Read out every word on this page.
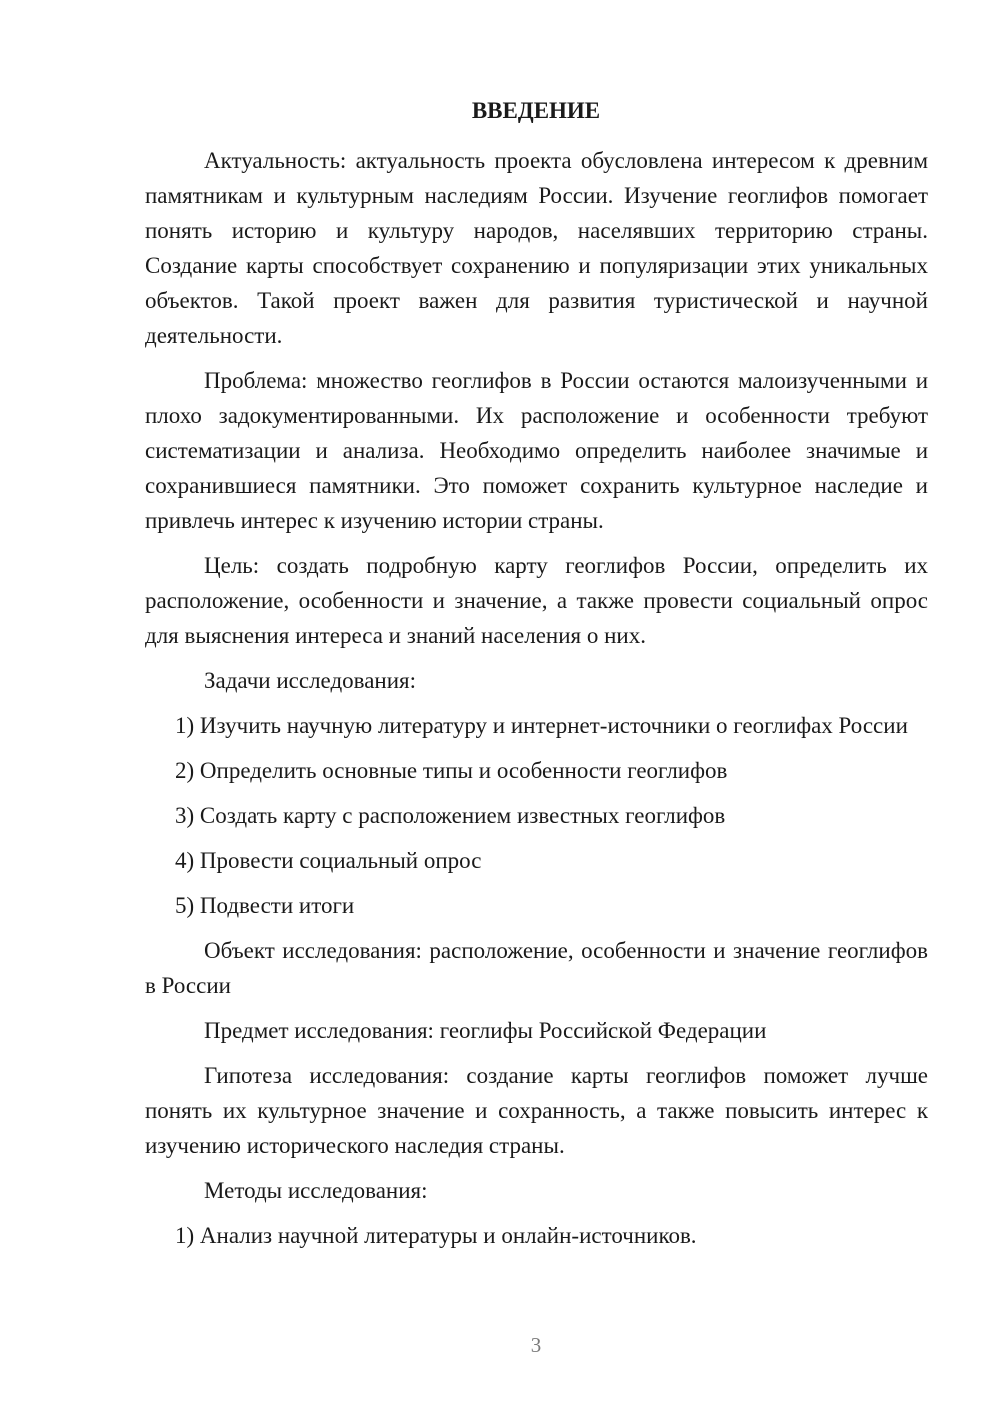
ВВЕДЕНИЕ

Актуальность: актуальность проекта обусловлена интересом к древним памятникам и культурным наследиям России. Изучение геоглифов помогает понять историю и культуру народов, населявших территорию страны. Создание карты способствует сохранению и популяризации этих уникальных объектов. Такой проект важен для развития туристической и научной деятельности.

Проблема: множество геоглифов в России остаются малоизученными и плохо задокументированными. Их расположение и особенности требуют систематизации и анализа. Необходимо определить наиболее значимые и сохранившиеся памятники. Это поможет сохранить культурное наследие и привлечь интерес к изучению истории страны.

Цель: создать подробную карту геоглифов России, определить их расположение, особенности и значение, а также провести социальный опрос для выяснения интереса и знаний населения о них.

Задачи исследования:

1) Изучить научную литературу и интернет-источники о геоглифах России

2) Определить основные типы и особенности геоглифов

3) Создать карту с расположением известных геоглифов

4) Провести социальный опрос

5) Подвести итоги

Объект исследования: расположение, особенности и значение геоглифов в России

Предмет исследования: геоглифы Российской Федерации

Гипотеза исследования: создание карты геоглифов поможет лучше понять их культурное значение и сохранность, а также повысить интерес к изучению исторического наследия страны.

Методы исследования:

1) Анализ научной литературы и онлайн-источников.

3
